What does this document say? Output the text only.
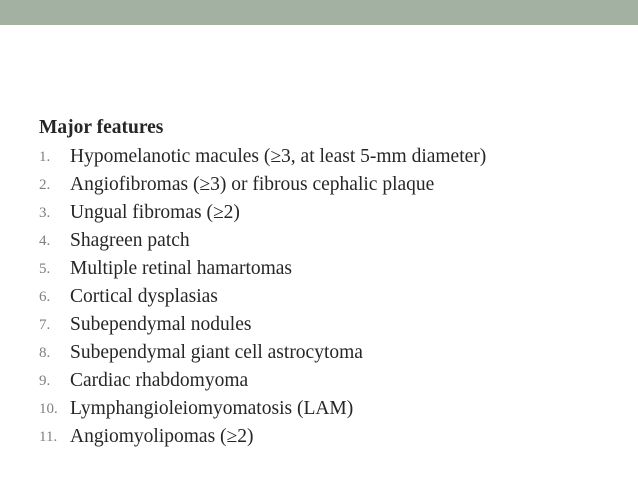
Major features
1. Hypomelanotic macules (≥3, at least 5-mm diameter)
2. Angiofibromas (≥3) or fibrous cephalic plaque
3. Ungual fibromas (≥2)
4. Shagreen patch
5. Multiple retinal hamartomas
6. Cortical dysplasias
7. Subependymal nodules
8. Subependymal giant cell astrocytoma
9. Cardiac rhabdomyoma
10. Lymphangioleiomyomatosis (LAM)
11. Angiomyolipomas (≥2)
